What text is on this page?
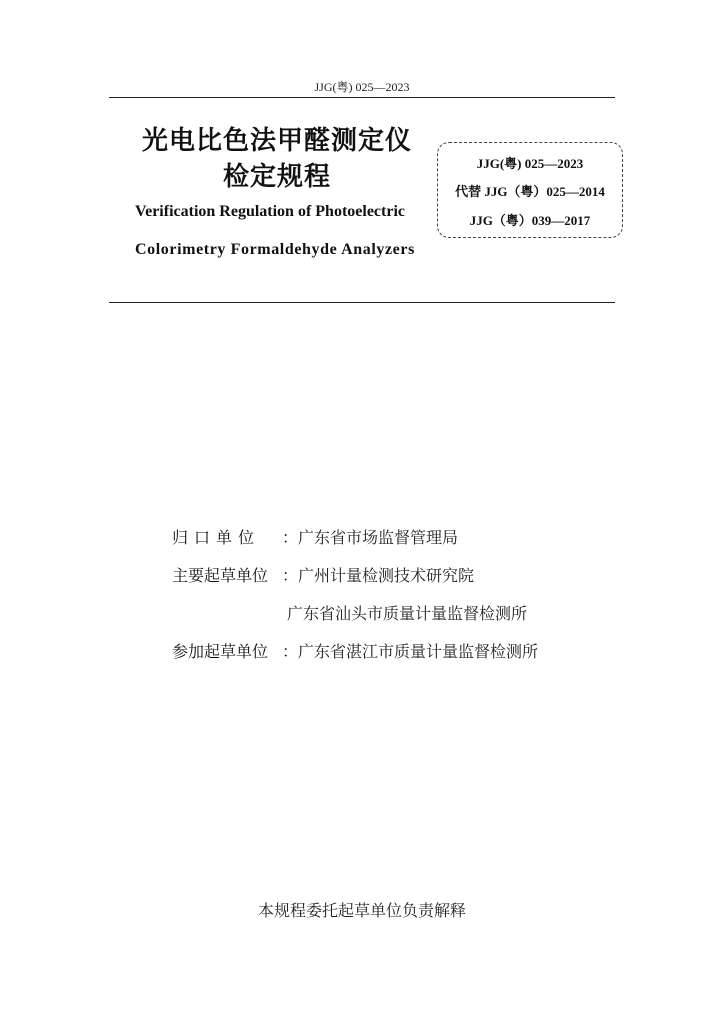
JJG(粤) 025—2023
光电比色法甲醛测定仪
检定规程
Verification Regulation of Photoelectric
Colorimetry Formaldehyde Analyzers
JJG(粤) 025—2023
代替 JJG（粤）025—2014
JJG（粤）039—2017
归口单位 ：广东省市场监督管理局
主要起草单位 ：广州计量检测技术研究院
广东省汕头市质量计量监督检测所
参加起草单位 ：广东省湛江市质量计量监督检测所
本规程委托起草单位负责解释
